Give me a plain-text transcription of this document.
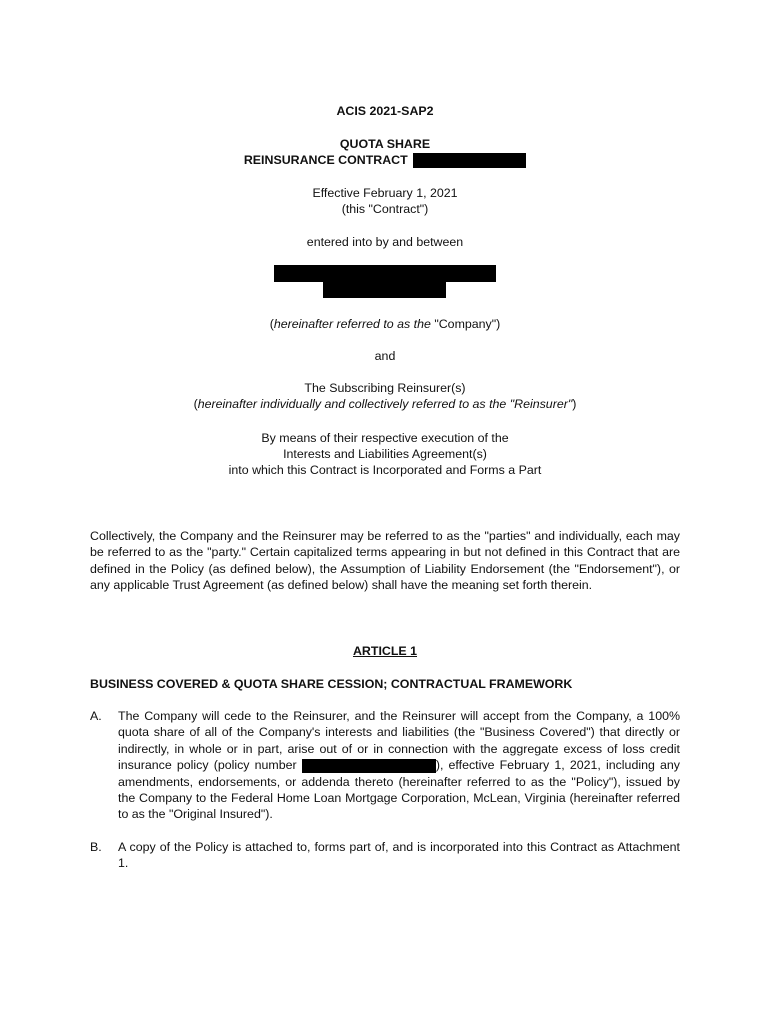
ACIS 2021-SAP2
QUOTA SHARE
REINSURANCE CONTRACT
Effective February 1, 2021
(this "Contract")
entered into by and between
(hereinafter referred to as the "Company")
and
The Subscribing Reinsurer(s)
(hereinafter individually and collectively referred to as the "Reinsurer")
By means of their respective execution of the
Interests and Liabilities Agreement(s)
into which this Contract is Incorporated and Forms a Part
Collectively, the Company and the Reinsurer may be referred to as the "parties" and individually, each may be referred to as the "party." Certain capitalized terms appearing in but not defined in this Contract that are defined in the Policy (as defined below), the Assumption of Liability Endorsement (the "Endorsement"), or any applicable Trust Agreement (as defined below) shall have the meaning set forth therein.
ARTICLE 1
BUSINESS COVERED & QUOTA SHARE CESSION; CONTRACTUAL FRAMEWORK
A. The Company will cede to the Reinsurer, and the Reinsurer will accept from the Company, a 100% quota share of all of the Company's interests and liabilities (the "Business Covered") that directly or indirectly, in whole or in part, arise out of or in connection with the aggregate excess of loss credit insurance policy (policy number	), effective February 1, 2021, including any amendments, endorsements, or addenda thereto (hereinafter referred to as the "Policy"), issued by the Company to the Federal Home Loan Mortgage Corporation, McLean, Virginia (hereinafter referred to as the "Original Insured").
B. A copy of the Policy is attached to, forms part of, and is incorporated into this Contract as Attachment 1.
